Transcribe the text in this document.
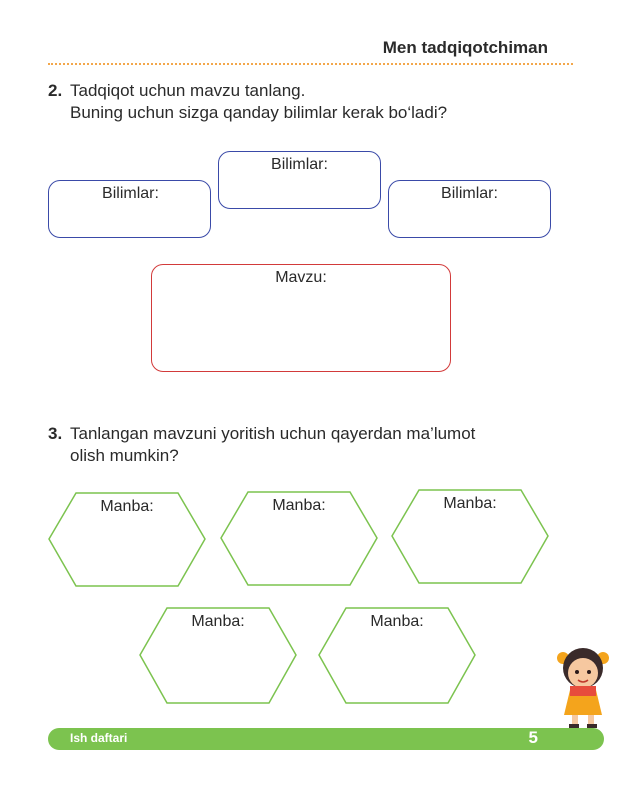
Men tadqiqotchiman
2. Tadqiqot uchun mavzu tanlang.
Buning uchun sizga qanday bilimlar kerak bo‘ladi?
Bilimlar:
Bilimlar:	Bilimlar:
Mavzu:
3. Tanlangan mavzuni yoritish uchun qayerdan ma’lumot
olish mumkin?
Manba:	Manba:	Manba:
Manba:	Manba:
Ish daftari	5
